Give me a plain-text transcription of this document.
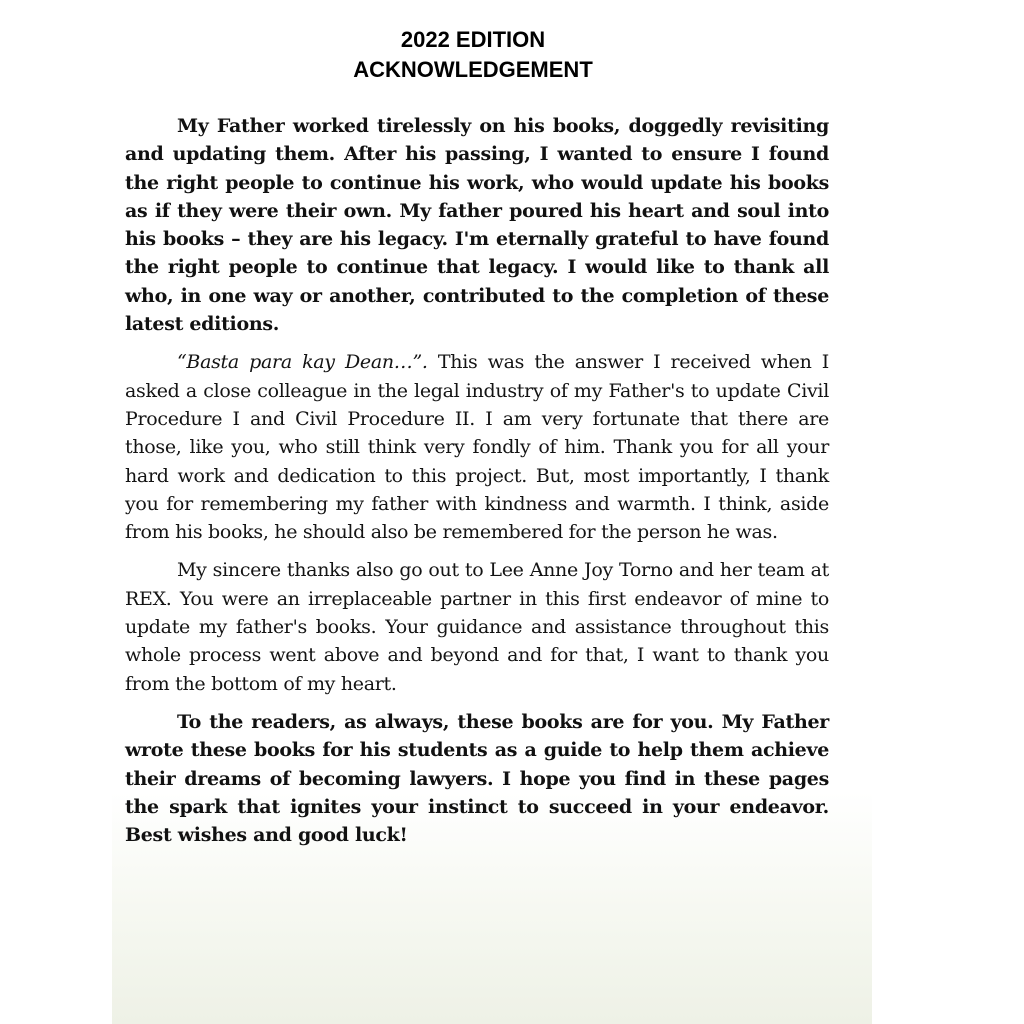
2022 EDITION
ACKNOWLEDGEMENT

My Father worked tirelessly on his books, doggedly revisiting and updating them. After his passing, I wanted to ensure I found the right people to continue his work, who would update his books as if they were their own. My father poured his heart and soul into his books – they are his legacy. I'm eternally grateful to have found the right people to continue that legacy. I would like to thank all who, in one way or another, contributed to the completion of these latest editions.

“Basta para kay Dean…”. This was the answer I received when I asked a close colleague in the legal industry of my Father's to update Civil Procedure I and Civil Procedure II. I am very fortunate that there are those, like you, who still think very fondly of him. Thank you for all your hard work and dedication to this project. But, most importantly, I thank you for remembering my father with kindness and warmth. I think, aside from his books, he should also be remembered for the person he was.

My sincere thanks also go out to Lee Anne Joy Torno and her team at REX. You were an irreplaceable partner in this first endeavor of mine to update my father's books. Your guidance and assistance throughout this whole process went above and beyond and for that, I want to thank you from the bottom of my heart.

To the readers, as always, these books are for you. My Father wrote these books for his students as a guide to help them achieve their dreams of becoming lawyers. I hope you find in these pages the spark that ignites your instinct to succeed in your endeavor. Best wishes and good luck!
